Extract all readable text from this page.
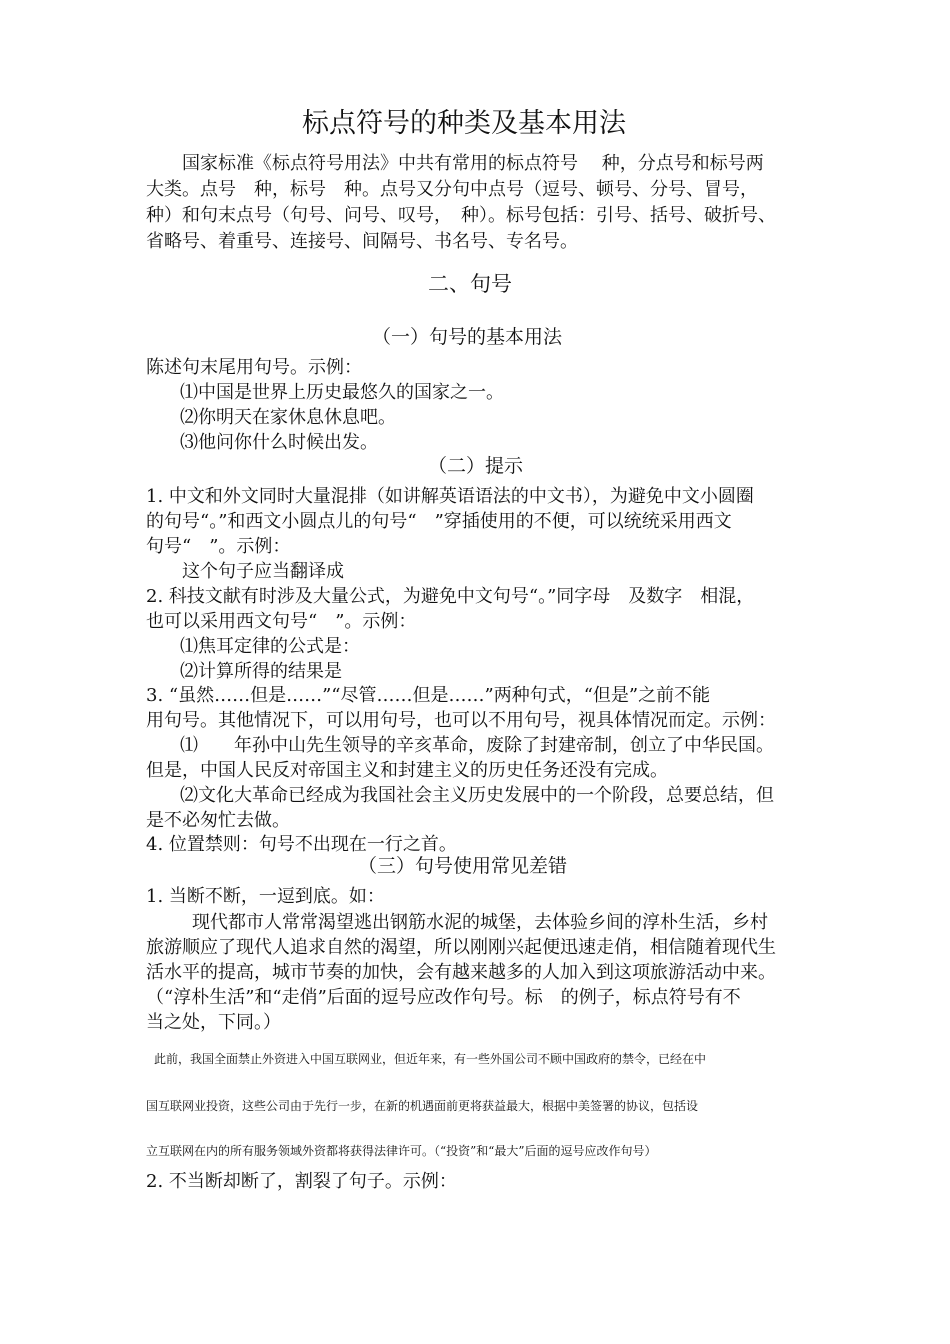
标点符号的种类及基本用法
国家标准《标点符号用法》中共有常用的标点符号　 种，分点号和标号两
大类。点号　种，标号　种。点号又分句中点号（逗号、顿号、分号、冒号，
种）和句末点号（句号、问号、叹号，　种）。标号包括：引号、括号、破折号、
省略号、着重号、连接号、间隔号、书名号、专名号。
二、句号
（一）句号的基本用法
陈述句末尾用句号。示例：
⑴中国是世界上历史最悠久的国家之一。
⑵你明天在家休息休息吧。
⑶他问你什么时候出发。
（二）提示
1. 中文和外文同时大量混排（如讲解英语语法的中文书），为避免中文小圆圈
的句号“。”和西文小圆点儿的句号“　”穿插使用的不便，可以统统采用西文
句号“　”。示例：
这个句子应当翻译成
2. 科技文献有时涉及大量公式，为避免中文句号“。”同字母　及数字　相混，
也可以采用西文句号“　”。示例：
⑴焦耳定律的公式是：
⑵计算所得的结果是
3. “虽然……但是……”“尽管……但是……”两种句式，“但是”之前不能
用句号。其他情况下，可以用句号，也可以不用句号，视具体情况而定。示例：
⑴　　年孙中山先生领导的辛亥革命，废除了封建帝制，创立了中华民国。
但是，中国人民反对帝国主义和封建主义的历史任务还没有完成。
⑵文化大革命已经成为我国社会主义历史发展中的一个阶段，总要总结，但
是不必匆忙去做。
4. 位置禁则：句号不出现在一行之首。
（三）句号使用常见差错
1. 当断不断，一逗到底。如：
现代都市人常常渴望逃出钢筋水泥的城堡，去体验乡间的淳朴生活，乡村
旅游顺应了现代人追求自然的渴望，所以刚刚兴起便迅速走俏，相信随着现代生
活水平的提高，城市节奏的加快，会有越来越多的人加入到这项旅游活动中来。
（“淳朴生活”和“走俏”后面的逗号应改作句号。标　的例子，标点符号有不
当之处，下同。）
此前，我国全面禁止外资进入中国互联网业，但近年来，有一些外国公司不顾中国政府的禁令，已经在中
国互联网业投资，这些公司由于先行一步，在新的机遇面前更将获益最大，根据中美签署的协议，包括设
立互联网在内的所有服务领域外资都将获得法律许可。（“投资”和“最大”后面的逗号应改作句号）
2. 不当断却断了，割裂了句子。示例：
